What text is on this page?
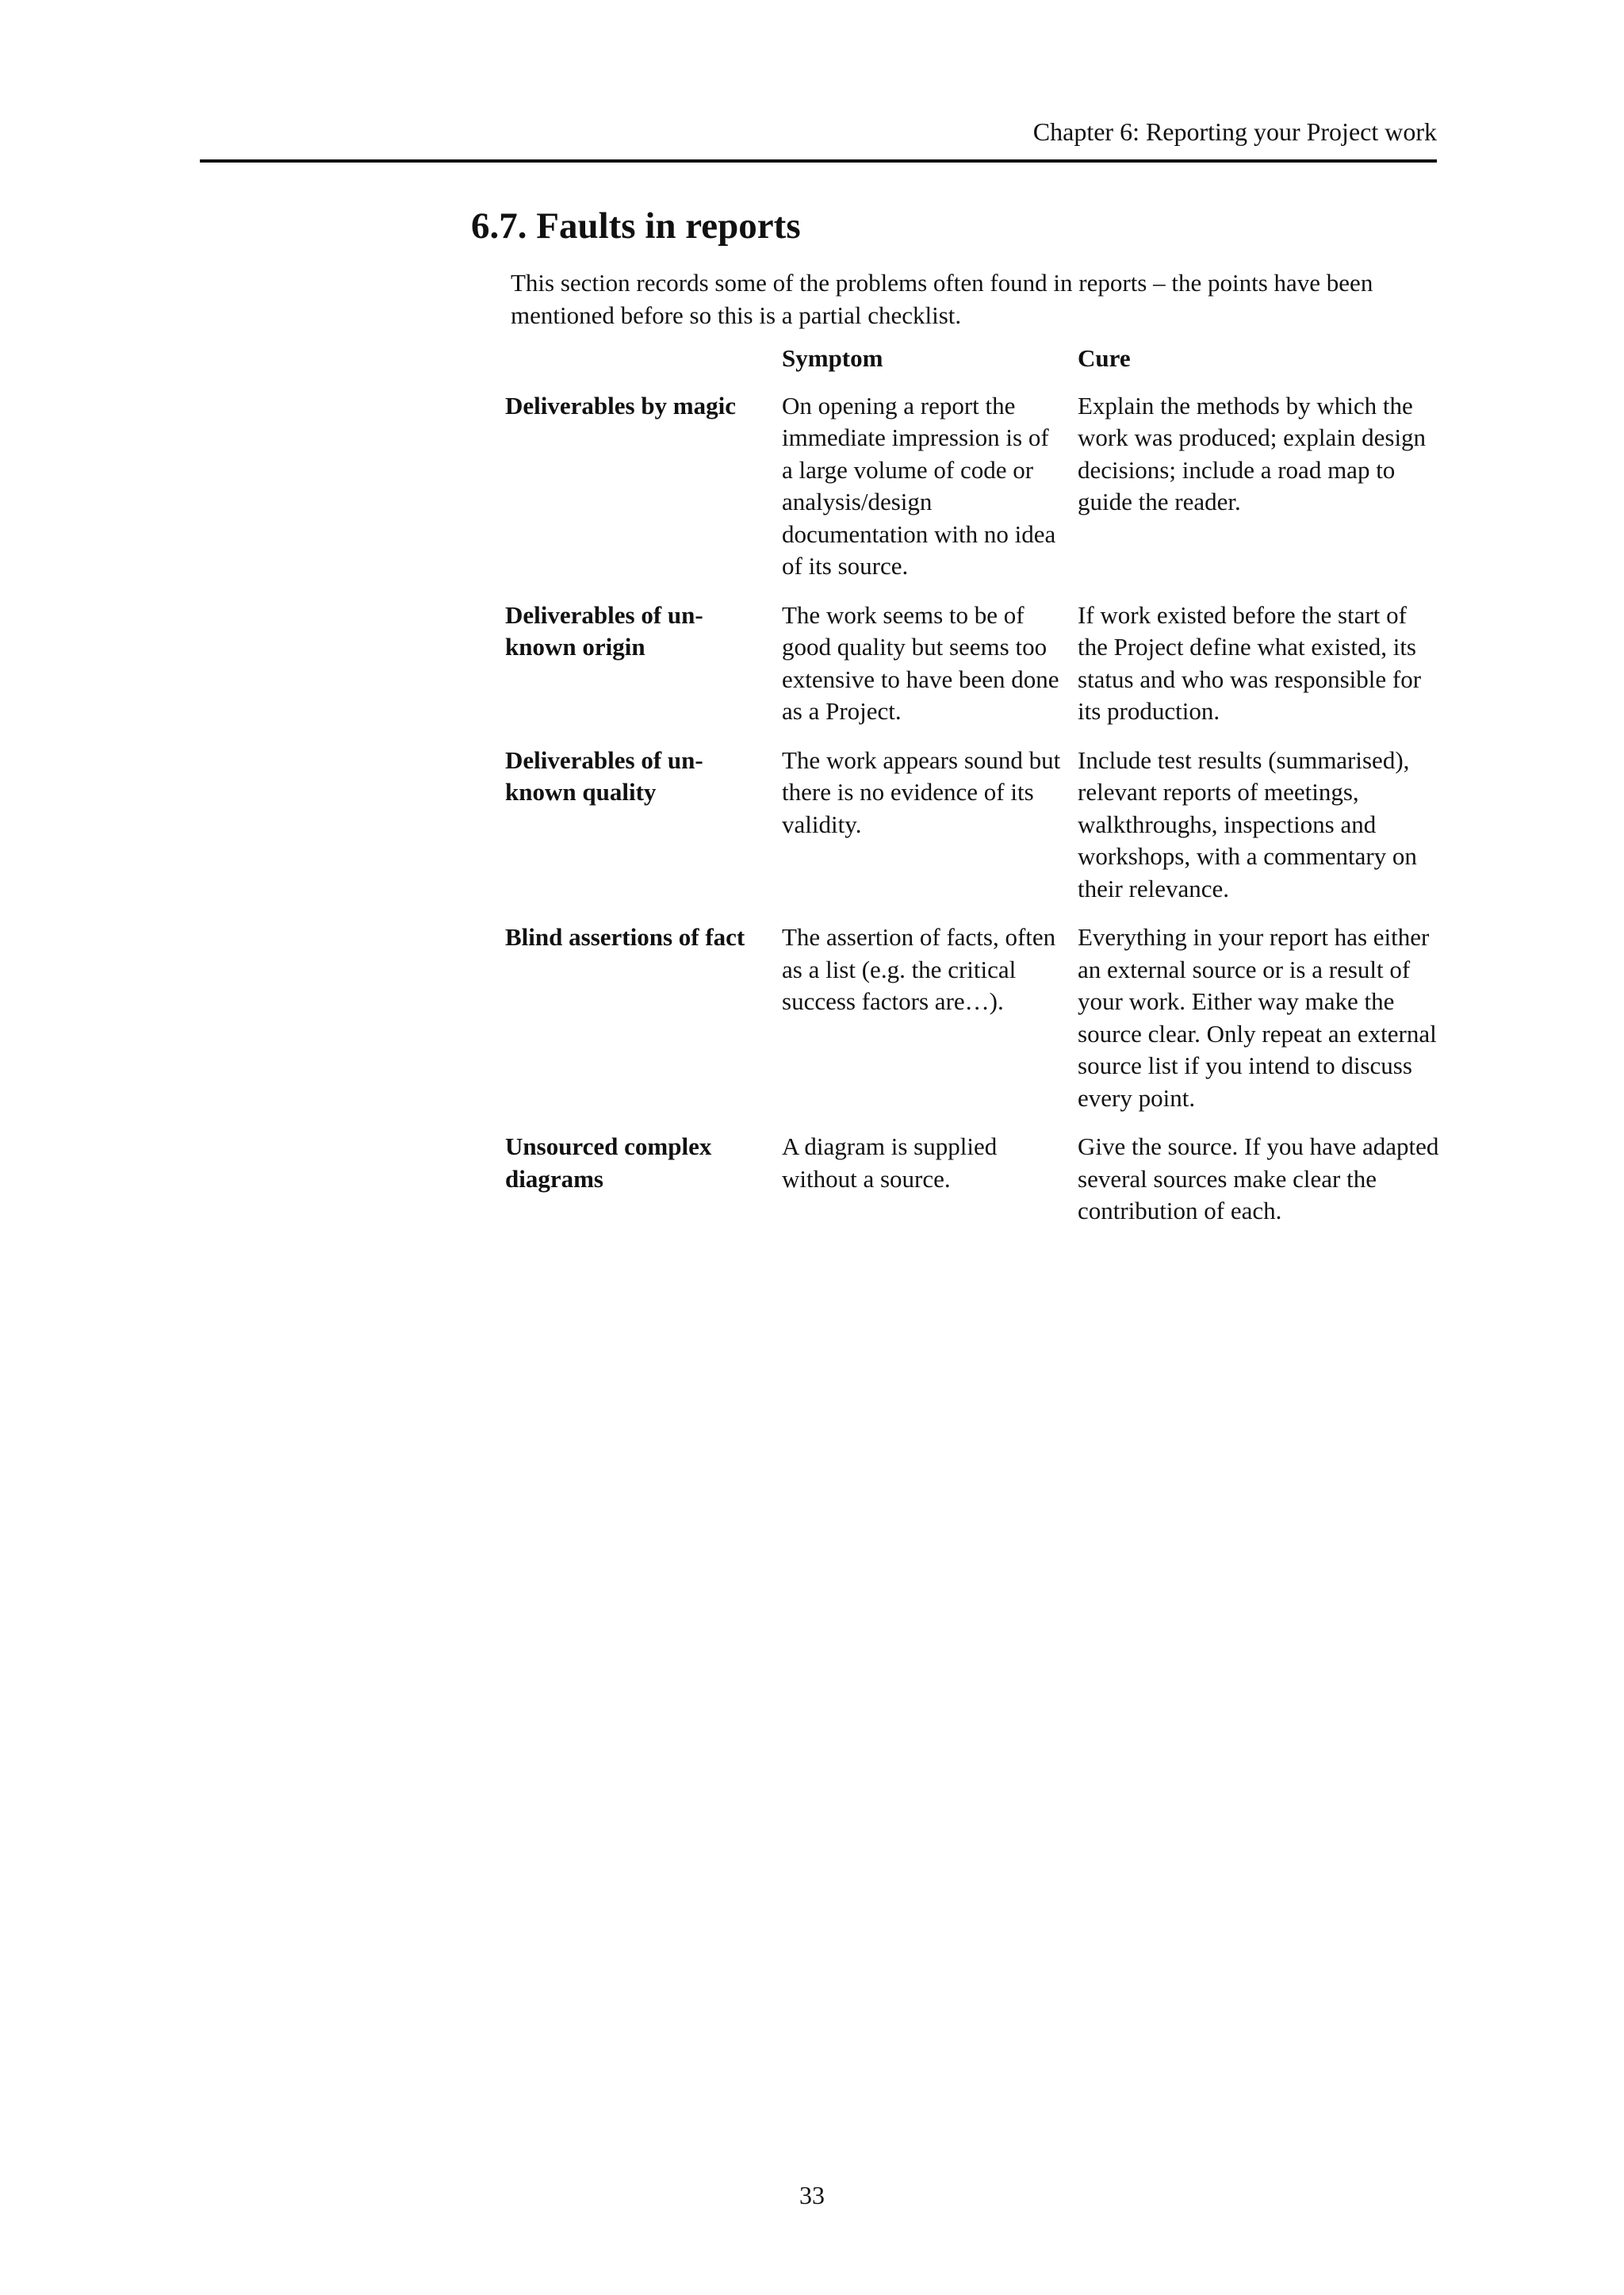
Chapter 6: Reporting your Project work
6.7. Faults in reports

This section records some of the problems often found in reports – the points have been mentioned before so this is a partial checklist.

	Symptom	Cure
Deliverables by magic	On opening a report the immediate impression is of a large volume of code or analysis/design documentation with no idea of its source.	Explain the methods by which the work was produced; explain design decisions; include a road map to guide the reader.
Deliverables of unknown origin	The work seems to be of good quality but seems too extensive to have been done as a Project.	If work existed before the start of the Project define what existed, its status and who was responsible for its production.
Deliverables of unknown quality	The work appears sound but there is no evidence of its validity.	Include test results (summarised), relevant reports of meetings, walkthroughs, inspections and workshops, with a commentary on their relevance.
Blind assertions of fact	The assertion of facts, often as a list (e.g. the critical success factors are…).	Everything in your report has either an external source or is a result of your work. Either way make the source clear. Only repeat an external source list if you intend to discuss every point.
Unsourced complex diagrams	A diagram is supplied without a source.	Give the source. If you have adapted several sources make clear the contribution of each.
33
